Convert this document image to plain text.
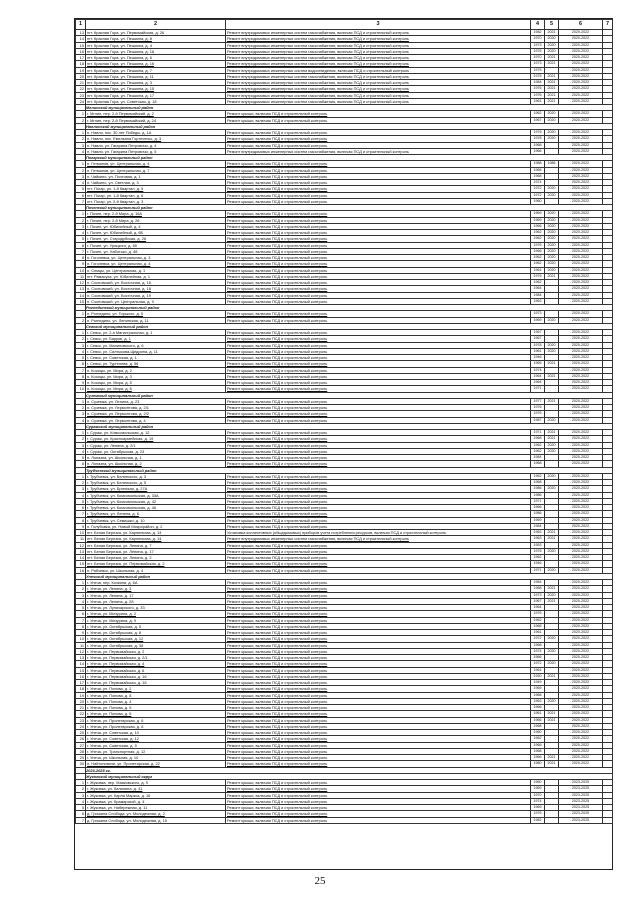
1	2	3	4	5	6	7
13	пгт. Красная Гора, ул. Первомайская, д. 26	Ремонт внутридомовых инженерных систем газоснабжения, включая ПСД и строительный контроль	1982	2021	2020-2022	
14	пгт. Красная Гора, ул. Пешкина, д. 8	Ремонт внутридомовых инженерных систем газоснабжения, включая ПСД и строительный контроль	1970	2020	2020-2022	
15	пгт. Красная Гора, ул. Пешкина, д. 4	Ремонт внутридомовых инженерных систем газоснабжения, включая ПСД и строительный контроль	1973	2020	2020-2022	
16	пгт. Красная Гора, ул. Пешкина, д. 18	Ремонт внутридомовых инженерных систем газоснабжения, включая ПСД и строительный контроль	1976	2020	2020-2022	
17	пгт. Красная Гора, ул. Пешкина, д. 6	Ремонт внутридомовых инженерных систем газоснабжения, включая ПСД и строительный контроль	1970	2021	2020-2022	
18	пгт. Красная Гора, ул. Пешкина, д. 16	Ремонт внутридомовых инженерных систем газоснабжения, включая ПСД и строительный контроль	1973	2021	2020-2022	
19	пгт. Красная Гора, ул. Пешкина, д. 7	Ремонт внутридомовых инженерных систем водоотведения, включая ПСД и строительный контроль	1975		2020-2022	
20	пгт. Красная Гора, ул. Пешкина, д. 11	Ремонт внутридомовых инженерных систем газоснабжения, включая ПСД и строительный контроль	1975	2021	2020-2022	
21	пгт. Красная Гора, ул. Пешкина, д. 3	Ремонт внутридомовых инженерных систем газоснабжения, включая ПСД и строительный контроль	1984	2021	2020-2022	
22	пгт. Красная Гора, ул. Пешкина, д. 15	Ремонт внутридомовых инженерных систем газоснабжения, включая ПСД и строительный контроль	1976	2021	2020-2022	
23	пгт. Красная Гора, ул. Пешкина, д. 17	Ремонт внутридомовых инженерных систем газоснабжения, включая ПСД и строительный контроль	1976	2021	2020-2022	
24	пгт. Красная Гора, ул. Советская, д. 18	Ремонт внутридомовых инженерных систем газоснабжения, включая ПСД и строительный контроль	1961	2021	2020-2022	
	Мглинский муниципальный район					
1	г. Мглин, пер. 2-й Первомайский, д. 2	Ремонт крыши, включая ПСД и строительный контроль	1962	2020	2020-2022	
2	г. Мглин, пер. 2-й Первомайский, д. 24	Ремонт крыши, включая ПСД и строительный контроль	1967	2020	2020-2022	
	Навлинский муниципальный район					
1	п. Навля, пос. 30 лет Победы, д. 1А	Ремонт крыши, включая ПСД и строительный контроль	1976	2020	2020-2022	
2	п. Навля, пос. Емельяна Гортеченко, д. 3	Ремонт крыши, включая ПСД и строительный контроль	1978	2020	2020-2022	
3	п. Навля, ул. Гагарина Петровичи, д. 4	Ремонт крыши, включая ПСД и строительный контроль	1968		2020-2022	
4	п. Навля, ул. Гагарина Петровичи, д. 5	Ремонт внутридомовых инженерных систем газоснабжения, включая ПСД и строительный контроль	1966		2020-2022	
	Погарский муниципальный район					
1	п. Гетманов, ул. Центральная, д. 4	Ремонт крыши, включая ПСД и строительный контроль	1988	1986	2020-2022	
2	п. Гетманов, ул. Центральная, д. 7	Ремонт крыши, включая ПСД и строительный контроль	1966		2020-2022	
3	п. Чайкино, ул. Почтовая, д. 1	Ремонт крыши, включая ПСД и строительный контроль	1968		2020-2022	
4	п. Чайкино, ул. Светлая, д. 3	Ремонт крыши, включая ПСД и строительный контроль	1974		2020-2022	
5	пгт. Погар, ул. 1-й Квартал, д. 5	Ремонт крыши, включая ПСД и строительный контроль	1972	2020	2020-2022	
6	пгт. Погар, ул. 1-й Квартал, д. 6	Ремонт крыши, включая ПСД и строительный контроль	1972	2020	2020-2022	
7	пгт. Погар, ул. 2-й Квартал, д. 3	Ремонт крыши, включая ПСД и строительный контроль	1960		2020-2022	
	Почепский муниципальный район					
1	г. Почеп, пер. 2-й Мира, д. 16А	Ремонт крыши, включая ПСД и строительный контроль	1969	2020	2020-2022	
2	г. Почеп, пер. 2-й Мира, д. 26	Ремонт крыши, включая ПСД и строительный контроль	1969	2020	2020-2022	
3	г. Почеп, ул. Юбилейный, д. 4	Ремонт крыши, включая ПСД и строительный контроль	1966	2020	2020-2022	
4	г. Почеп, ул. Юбилейный, д. 6Б	Ремонт крыши, включая ПСД и строительный контроль	1962	2020	2020-2022	
5	г. Почеп, ул. Стародубская, д. 26	Ремонт крыши, включая ПСД и строительный контроль	1962	2020	2020-2022	
6	г. Почеп, ул. Урицкого, д. 65	Ремонт крыши, включая ПСД и строительный контроль	1976	2020	2020-2022	
7	г. Почеп, ул. Хаботько, д. 48	Ремонт крыши, включая ПСД и строительный контроль	1966	2020	2020-2022	
8	п. Гоголевка, ул. Центральная, д. 3	Ремонт крыши, включая ПСД и строительный контроль	1962	2020	2020-2022	
9	п. Гоголевка, ул. Центральная, д. 4	Ремонт крыши, включая ПСД и строительный контроль	1962	2020	2020-2022	
10	п. Семцы, ул. Центральная, д. 1	Ремонт крыши, включая ПСД и строительный контроль	1961	2020	2020-2022	
11	пгт. Рамасуха, ул. Юбилейная, д. 1	Ремонт крыши, включая ПСД и строительный контроль	1976	2021	2020-2022	
12	п. Сосновский, ул. Восточная, д. 16	Ремонт крыши, включая ПСД и строительный контроль	1962		2020-2022	
13	п. Сосновский, ул. Восточная, д. 18	Ремонт крыши, включая ПСД и строительный контроль	1964		2020-2022	
14	п. Сосновский, ул. Восточная, д. 19	Ремонт крыши, включая ПСД и строительный контроль	1984		2020-2022	
15	п. Сосновский, ул. Центральная, д. 9	Ремонт крыши, включая ПСД и строительный контроль	1963		2020-2022	
	Рогнединский муниципальный район					
1	п. Рогнедино, ул. Горького, д. 5	Ремонт крыши, включая ПСД и строительный контроль	1973		2020-2022	
2	п. Рогнедино, ул. Ленинская, д. 11	Ремонт крыши, включая ПСД и строительный контроль	1969	2020	2020-2022	
	Севский муниципальный район					
1	г. Севск, ул. 2-я Магистральная, д. 1	Ремонт крыши, включая ПСД и строительный контроль	1967		2020-2022	
2	г. Севск, ул. Баррик, д. 1	Ремонт крыши, включая ПСД и строительный контроль	1967		2020-2022	
3	г. Севск, ул. Малиновского, д. 6	Ремонт крыши, включая ПСД и строительный контроль	1978	2020	2020-2022	
4	г. Севск, ул. Салтыкова-Щедрина, д. 11	Ремонт крыши, включая ПСД и строительный контроль	1961	2020	2020-2022	
5	г. Севск, ул. Советская, д. 1	Ремонт крыши, включая ПСД и строительный контроль	1946		2020-2022	
6	г. Севск, ул. Тургенева, д. 56	Ремонт крыши, включая ПСД и строительный контроль	1965	2021	2020-2022	
7	п. Косицы, ул. Мира, д. 2	Ремонт крыши, включая ПСД и строительный контроль	1974		2020-2022	
8	п. Косицы, ул. Мира, д. 3	Ремонт крыши, включая ПСД и строительный контроль	1964	2021	2020-2022	
9	п. Косицы, ул. Мира, д. 5	Ремонт крыши, включая ПСД и строительный контроль	1964		2020-2022	
10	п. Косицы, ул. Мира, д. 6	Ремонт крыши, включая ПСД и строительный контроль	1971		2020-2022	
	Суземский муниципальный район					
1	п. Суземка, ул. Ленина, д. 23	Ремонт крыши, включая ПСД и строительный контроль	1977	2021	2020-2022	
2	п. Суземка, ул. Лермонтова, д. 2/1	Ремонт крыши, включая ПСД и строительный контроль	1976		2020-2022	
3	п. Суземка, ул. Лермонтова, д. 2/2	Ремонт крыши, включая ПСД и строительный контроль	1976		2020-2022	
4	п. Суземка, ул. Лермонтова, д. 4	Ремонт крыши, включая ПСД и строительный контроль	1987	2020	2020-2022	
	Суражский муниципальный район					
1	г. Сураж, ул. Комсомольская, д. 12	Ремонт крыши, включая ПСД и строительный контроль	1971	2021	2020-2022	
2	г. Сураж, ул. Красноармейская, д. 19	Ремонт крыши, включая ПСД и строительный контроль	1968	2021	2020-2022	
3	г. Сураж, ул. Ленина, д. 2/1	Ремонт крыши, включая ПСД и строительный контроль	1962	2020	2020-2022	
4	г. Сураж, ул. Октябрьская, д. 23	Ремонт крыши, включая ПСД и строительный контроль	1962	2020	2020-2022	
5	п. Лопазна, ул. Школьная, д. 1	Ремонт крыши, включая ПСД и строительный контроль	1984		2020-2022	
6	п. Лопазна, ул. Школьная, д. 2	Ремонт крыши, включая ПСД и строительный контроль	1968		2020-2022	
	Трубчевский муниципальный район					
1	г. Трубчевск, ул. Белинского, д. 3	Ремонт крыши, включая ПСД и строительный контроль	1962	2020	2020-2022	
2	г. Трубчевск, ул. Белинского, д. 5	Ремонт крыши, включая ПСД и строительный контроль	1968		2020-2022	
3	г. Трубчевск, ул. Брянская, д. 27А	Ремонт крыши, включая ПСД и строительный контроль	1986	2020	2020-2022	
4	г. Трубчевск, ул. Комсомольская, д. 33А	Ремонт крыши, включая ПСД и строительный контроль	1986		2020-2022	
5	г. Трубчевск, ул. Комсомольская, д. 42	Ремонт крыши, включая ПСД и строительный контроль	1971		2020-2022	
6	г. Трубчевск, ул. Комсомольская, д. 46	Ремонт крыши, включая ПСД и строительный контроль	1966		2020-2022	
7	г. Трубчевск, ул. Ленина, д. 6	Ремонт крыши, включая ПСД и строительный контроль	1986		2020-2022	
8	г. Трубчевск, ул. Семашко, д. 10	Ремонт крыши, включая ПСД и строительный контроль	1969		2020-2022	
9	п. Голубовка, ул. Новый Микрорайон, д. 2	Ремонт крыши, включая ПСД и строительный контроль	1984		2020-2022	
10	пгт. Белая Березка, ул. Карпенкова, д. 14	Установка коллективных (общедомовых) приборов учета потребления ресурсов, включая ПСД и строительный контроль	1963	2021	2020-2022	
11	пгт. Белая Березка, ул. Карпенкова, д. 14	Ремонт внутридомовых инженерных систем газоснабжения, включая ПСД и строительный контроль	1963	2021	2020-2022	
12	пгт. Белая Березка, ул. Ленина, д. 7	Ремонт крыши, включая ПСД и строительный контроль	1953		2020-2022	
13	пгт. Белая Березка, ул. Ленина, д. 17	Ремонт крыши, включая ПСД и строительный контроль	1976	2020	2020-2022	
14	пгт. Белая Березка, ул. Ленина, д. 2	Ремонт крыши, включая ПСД и строительный контроль	1962		2020-2022	
15	пгт. Белая Березка, ул. Первомайская, д. 2	Ремонт крыши, включая ПСД и строительный контроль	1946		2020-2022	
16	п. Рябчевск, ул. Школьная, д. 4	Ремонт крыши, включая ПСД и строительный контроль	1971	2020	2020-2022	
	Унечский муниципальный район					
1	г. Унеча, пер. Кочкина, д. 6А	Ремонт крыши, включая ПСД и строительный контроль	1984		2020-2022	
2	г. Унеча, ул. Ленина, д. 3	Ремонт крыши, включая ПСД и строительный контроль	1968	2021	2020-2022	
3	г. Унеча, ул. Ленина, д. 17	Ремонт крыши, включая ПСД и строительный контроль	1973	2020	2020-2022	
4	г. Унеча, ул. Ленина, д. 28	Ремонт крыши, включая ПСД и строительный контроль	1967	2021	2020-2022	
5	г. Унеча, ул. Луначарского, д. 33	Ремонт крыши, включая ПСД и строительный контроль	1964		2020-2022	
6	г. Унеча, ул. Мичурина, д. 2	Ремонт крыши, включая ПСД и строительный контроль	1976		2020-2022	
7	г. Унеча, ул. Мичурина, д. 9	Ремонт крыши, включая ПСД и строительный контроль	1962		2020-2022	
8	г. Унеча, ул. Октябрьская, д. 5	Ремонт крыши, включая ПСД и строительный контроль	1966		2020-2022	
9	г. Унеча, ул. Октябрьская, д. 8	Ремонт крыши, включая ПСД и строительный контроль	1961		2020-2022	
10	г. Унеча, ул. Октябрьская, д. 12	Ремонт крыши, включая ПСД и строительный контроль	1972	2020	2020-2022	
11	г. Унеча, ул. Октябрьская, д. 38	Ремонт крыши, включая ПСД и строительный контроль	1968		2020-2022	
12	г. Унеча, ул. Первомайская, д. 2	Ремонт крыши, включая ПСД и строительный контроль	1974	2020	2020-2022	
13	г. Унеча, ул. Первомайская, д. 2/1	Ремонт крыши, включая ПСД и строительный контроль	1966		2020-2022	
14	г. Унеча, ул. Первомайская, д. 4	Ремонт крыши, включая ПСД и строительный контроль	1972	2020	2020-2022	
15	г. Унеча, ул. Первомайская, д. 6	Ремонт крыши, включая ПСД и строительный контроль	1961		2020-2022	
16	г. Унеча, ул. Первомайская, д. 16	Ремонт крыши, включая ПСД и строительный контроль	1930	2021	2020-2022	
17	г. Унеча, ул. Первомайская, д. 18	Ремонт крыши, включая ПСД и строительный контроль	1949		2020-2022	
18	г. Унеча, ул. Попова, д. 2	Ремонт крыши, включая ПСД и строительный контроль	1969		2020-2022	
19	г. Унеча, ул. Попова, д. 8	Ремонт крыши, включая ПСД и строительный контроль	1968		2020-2022	
20	г. Унеча, ул. Попова, д. 4	Ремонт крыши, включая ПСД и строительный контроль	1963	2020	2020-2022	
21	г. Унеча, ул. Попова, д. 5	Ремонт крыши, включая ПСД и строительный контроль	1966		2020-2022	
22	г. Унеча, ул. Попова, д. 6	Ремонт крыши, включая ПСД и строительный контроль	1961	2021	2020-2022	
23	г. Унеча, ул. Пролетарская, д. 6	Ремонт крыши, включая ПСД и строительный контроль	1966	2021	2020-2022	
24	г. Унеча, ул. Пролетарская, д. 8	Ремонт крыши, включая ПСД и строительный контроль	1968		2020-2022	
25	г. Унеча, ул. Советская, д. 10	Ремонт крыши, включая ПСД и строительный контроль	1960		2020-2022	
26	г. Унеча, ул. Советская, д. 12	Ремонт крыши, включая ПСД и строительный контроль	1962		2020-2022	
27	г. Унеча, ул. Советская, д. 5	Ремонт крыши, включая ПСД и строительный контроль	1966		2020-2022	
28	г. Унеча, ул. Транспортная, д. 12	Ремонт крыши, включая ПСД и строительный контроль	1968		2020-2022	
29	г. Унеча, ул. Школьная, д. 10	Ремонт крыши, включая ПСД и строительный контроль	1966	2021	2020-2022	
30	п. Найтоповичи, ул. Пролетарская, д. 22	Ремонт крыши, включая ПСД и строительный контроль	1980	2021	2020-2022	
	2023-2025 гг.					
	Жуковский муниципальный округ					
1	г. Жуковка, пер. Маяковского, д. 9	Ремонт крыши, включая ПСД и строительный контроль	1960		2023-2025	
2	г. Жуковка, ул. Калинина, д. 41	Ремонт крыши, включая ПСД и строительный контроль	1969		2023-2025	
3	г. Жуковка, ул. Карла Маркса, д. 16	Ремонт крыши, включая ПСД и строительный контроль	1970		2023-2025	
4	г. Жуковка, ул. Крамарской, д. 4	Ремонт крыши, включая ПСД и строительный контроль	1974		2023-2025	
5	г. Жуковка, ул. Набережная, д. 11	Ремонт крыши, включая ПСД и строительный контроль	1969		2023-2025	
6	д. Гришина Слобода, ул. Молодежная, д. 2	Ремонт крыши, включая ПСД и строительный контроль	1976		2023-2025	
7	д. Гришина Слобода, ул. Молодежная, д. 15	Ремонт крыши, включая ПСД и строительный контроль	1982		2023-2025	
25
